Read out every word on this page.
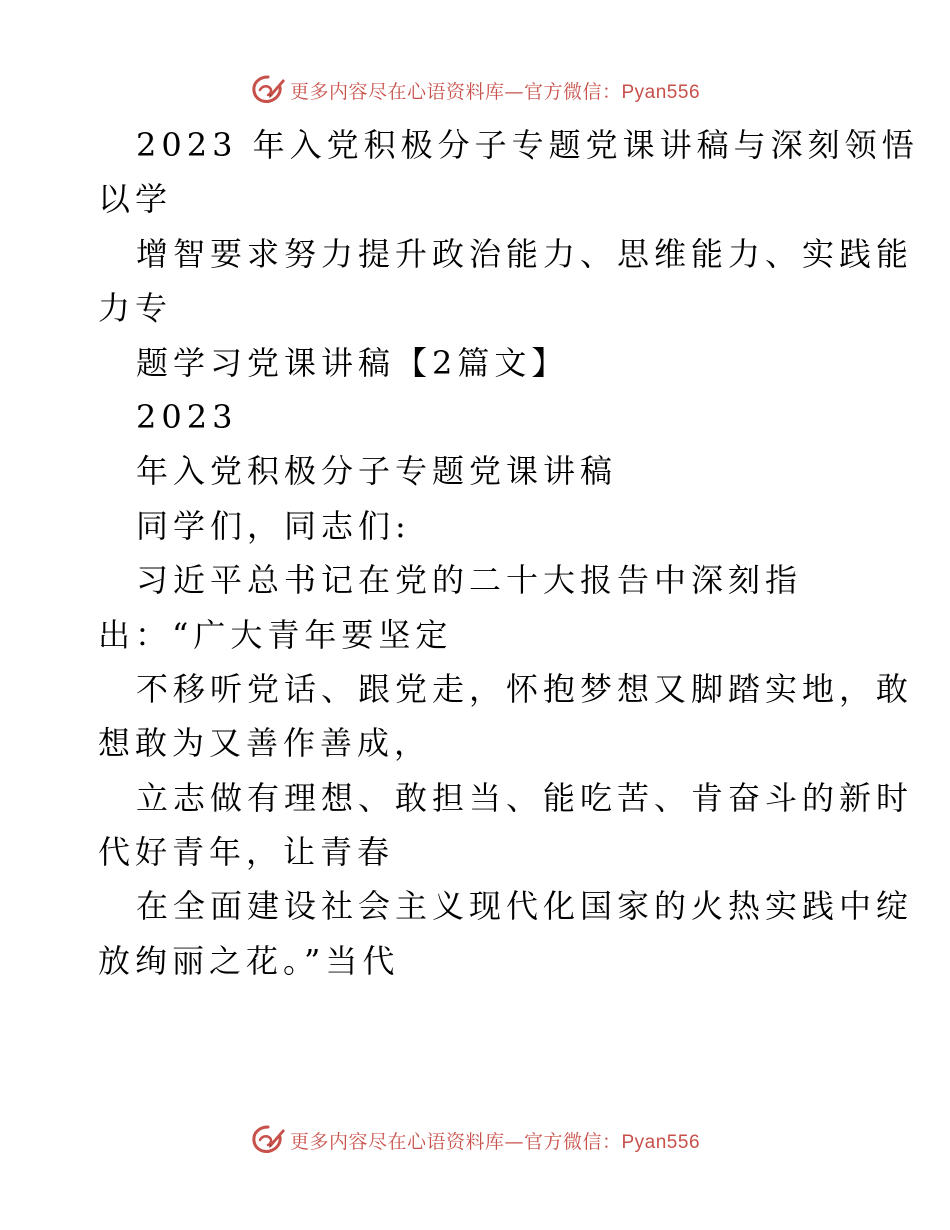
更多内容尽在心语资料库—官方微信：Pyan556
2023 年入党积极分子专题党课讲稿与深刻领悟
以学
增智要求努力提升政治能力、思维能力、实践能
力专
题学习党课讲稿【2篇文】
2023
年入党积极分子专题党课讲稿
同学们，同志们:
习近平总书记在党的二十大报告中深刻指
出：“广大青年要坚定
不移听党话、跟党走，怀抱梦想又脚踏实地，敢
想敢为又善作善成，
立志做有理想、敢担当、能吃苦、肯奋斗的新时
代好青年，让青春
在全面建设社会主义现代化国家的火热实践中绽
放绚丽之花。”当代
更多内容尽在心语资料库—官方微信：Pyan556
